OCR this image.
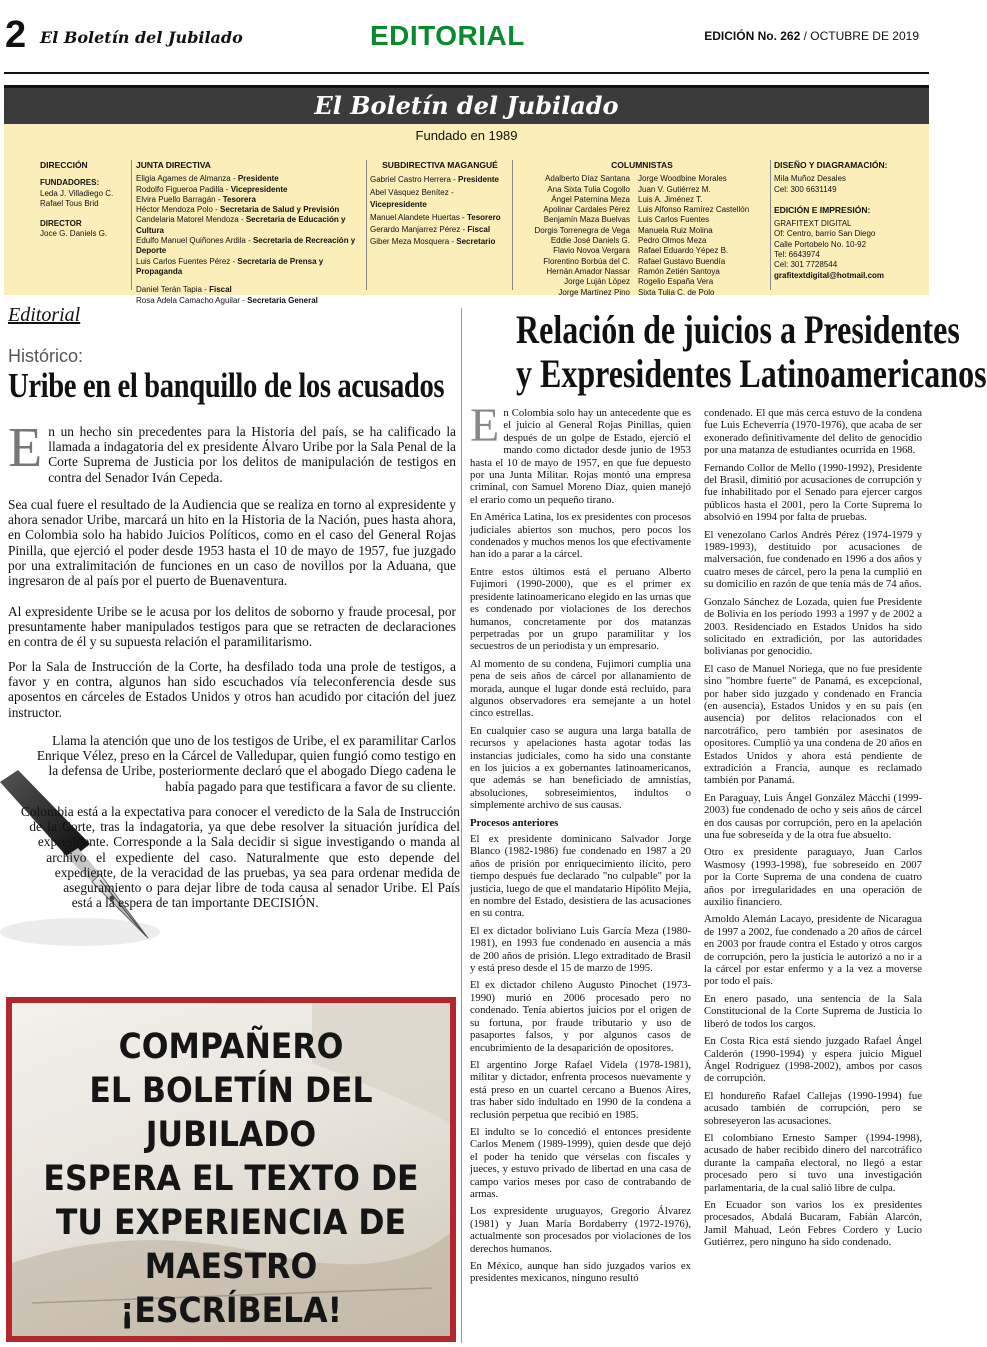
2 El Boletín del Jubilado	EDITORIAL	EDICIÓN No. 262 / OCTUBRE DE 2019
El Boletín del Jubilado
Fundado en 1989
DIRECCIÓN
FUNDADORES:
Leda J. Villadiego C.
Rafael Tous Brid
DIRECTOR
Joce G. Daniels G.
JUNTA DIRECTIVA
Eligia Agames de Almanza - Presidente
Rodolfo Figueroa Padilla - Vicepresidente
Elvira Puello Barragán - Tesorera
Héctor Mendoza Polo - Secretaria de Salud y Previsión
Candelaria Matorel Mendoza - Secretaria de Educación y Cultura
Edulfo Manuel Quiñones Ardila - Secretaria de Recreación y Deporte
Luis Carlos Fuentes Pérez - Secretaria de Prensa y Propaganda
Daniel Terán Tapia - Fiscal
Rosa Adela Camacho Aguilar - Secretaria General
SUBDIRECTIVA MAGANGUÉ
Gabriel Castro Herrera - Presidente
Abel Vásquez Benítez - Vicepresidente
Manuel Alandete Huertas - Tesorero
Gerardo Manjarrez Pérez - Fiscal
Giber Meza Mosquera - Secretario
COLUMNISTAS
Adalberto Díaz Santana
Ana Sixta Tulia Cogollo
Ángel Paternina Meza
Apolinar Cardales Pérez
Benjamín Maza Buelvas
Dorgis Torrenegra de Vega
Eddie José Daniels G.
Flavio Novoa Vergara
Florentino Borbúa del C.
Hernán Amador Nassar
Jorge Luján López
Jorge Martínez Pino
Jorge Woodbine Morales
Juan V. Gutiérrez M.
Luis A. Jiménez T.
Luis Alfonso Ramírez Castellón
Luis Carlos Fuentes
Manuela Ruiz Molina
Pedro Olmos Meza
Rafael Eduardo Yépez B.
Rafael Gustavo Buendía
Ramón Zetién Santoya
Rogelio España Vera
Sixta Tulia C. de Polo
DISEÑO Y DIAGRAMACIÓN:
Mila Muñoz Desales
Cel: 300 6631149
EDICIÓN E IMPRESIÓN:
GRAFITEXT DIGITAL
Of: Centro, barrio San Diego
Calle Portobelo No. 10-92
Tel: 6643974
Cel: 301 7728544
grafitextdigital@hotmail.com
Editorial
Histórico:
Uribe en el banquillo de los acusados
En un hecho sin precedentes para la Historia del país, se ha calificado la llamada a indagatoria del ex presidente Álvaro Uribe por la Sala Penal de la Corte Suprema de Justicia por los delitos de manipulación de testigos en contra del Senador Iván Cepeda.
Sea cual fuere el resultado de la Audiencia que se realiza en torno al expresidente y ahora senador Uribe, marcará un hito en la Historia de la Nación, pues hasta ahora, en Colombia solo ha habido Juicios Políticos, como en el caso del General Rojas Pinilla, que ejerció el poder desde 1953 hasta el 10 de mayo de 1957, fue juzgado por una extralimitación de funciones en un caso de novillos por la Aduana, que ingresaron de al país por el puerto de Buenaventura.
Al expresidente Uribe se le acusa por los delitos de soborno y fraude procesal, por presuntamente haber manipulados testigos para que se retracten de declaraciones en contra de él y su supuesta relación el paramilitarismo.
Por la Sala de Instrucción de la Corte, ha desfilado toda una prole de testigos, a favor y en contra, algunos han sido escuchados vía teleconferencia desde sus aposentos en cárceles de Estados Unidos y otros han acudido por citación del juez instructor.
Llama la atención que uno de los testigos de Uribe, el ex paramilitar Carlos Enrique Vélez, preso en la Cárcel de Valledupar, quien fungió como testigo en la defensa de Uribe, posteriormente declaró que el abogado Diego cadena le había pagado para que testificara a favor de su cliente.
Colombia está a la expectativa para conocer el veredicto de la Sala de Instrucción de la Corte, tras la indagatoria, ya que debe resolver la situación jurídica del expresidente. Corresponde a la Sala decidir si sigue investigando o manda al archivo el expediente del caso. Naturalmente que esto depende del expediente, de la veracidad de las pruebas, ya sea para ordenar medida de aseguramiento o para dejar libre de toda causa al senador Uribe. El País está a la espera de tan importante DECISIÓN.
COMPAÑERO
EL BOLETÍN DEL JUBILADO
ESPERA EL TEXTO DE
TU EXPERIENCIA DE
MAESTRO
¡ESCRÍBELA!
Relación de juicios a Presidentes
y Expresidentes Latinoamericanos

En Colombia solo hay un antecedente que es el juicio al General Rojas Pinillas, quien después de un golpe de Estado, ejerció el mando como dictador desde junio de 1953 hasta el 10 de mayo de 1957, en que fue depuesto por una Junta Militar. Rojas montó una empresa criminal, con Samuel Moreno Díaz, quien manejó el erario como un pequeño tirano.

En América Latina, los ex presidentes con procesos judiciales abiertos son muchos, pero pocos los condenados y muchos menos los que efectivamente han ido a parar a la cárcel.

Entre estos últimos está el peruano Alberto Fujimori (1990-2000), que es el primer ex presidente latinoamericano elegido en las urnas que es condenado por violaciones de los derechos humanos, concretamente por dos matanzas perpetradas por un grupo paramilitar y los secuestros de un periodista y un empresario.

Al momento de su condena, Fujimori cumplía una pena de seis años de cárcel por allanamiento de morada, aunque el lugar donde está recluido, para algunos observadores era semejante a un hotel cinco estrellas.

En cualquier caso se augura una larga batalla de recursos y apelaciones hasta agotar todas las instancias judiciales, como ha sido una constante en los juicios a ex gobernantes latinoamericanos, que además se han beneficiado de amnistías, absoluciones, sobreseimientos, indultos o simplemente archivo de sus causas.

Procesos anteriores

El ex presidente dominicano Salvador Jorge Blanco (1982-1986) fue condenado en 1987 a 20 años de prisión por enriquecimiento ilícito, pero tiempo después fue declarado "no culpable" por la justicia, luego de que el mandatario Hipólito Mejía, en nombre del Estado, desistiera de las acusaciones en su contra.

El ex dictador boliviano Luis García Meza (1980-1981), en 1993 fue condenado en ausencia a más de 200 años de prisión. Llego extraditado de Brasil y está preso desde el 15 de marzo de 1995.

El ex dictador chileno Augusto Pinochet (1973-1990) murió en 2006 procesado pero no condenado. Tenía abiertos juicios por el origen de su fortuna, por fraude tributario y uso de pasaportes falsos, y por algunos casos de encubrimiento de la desaparición de opositores.

El argentino Jorge Rafael Videla (1978-1981), militar y dictador, enfrenta procesos nuevamente y está preso en un cuartel cercano a Buenos Aires, tras haber sido indultado en 1990 de la condena a reclusión perpetua que recibió en 1985.

El indulto se lo concedió el entonces presidente Carlos Menem (1989-1999), quien desde que dejó el poder ha tenido que vérselas con fiscales y jueces, y estuvo privado de libertad en una casa de campo varios meses por caso de contrabando de armas.

Los expresidente uruguayos, Gregorio Álvarez (1981) y Juan María Bordaberry (1972-1976), actualmente son procesados por violaciones de los derechos humanos.

En México, aunque han sido juzgados varios ex presidentes mexicanos, ninguno resultó

condenado. El que más cerca estuvo de la condena fue Luis Echeverría (1970-1976), que acaba de ser exonerado definitivamente del delito de genocidio por una matanza de estudiantes ocurrida en 1968.

Fernando Collor de Mello (1990-1992), Presidente del Brasil, dimitió por acusaciones de corrupción y fue inhabilitado por el Senado para ejercer cargos públicos hasta el 2001, pero la Corte Suprema lo absolvió en 1994 por falta de pruebas.

El venezolano Carlos Andrés Pérez (1974-1979 y 1989-1993), destituido por acusaciones de malversación, fue condenado en 1996 a dos años y cuatro meses de cárcel, pero la pena la cumplió en su domicilio en razón de que tenía más de 74 años.

Gonzalo Sánchez de Lozada, quien fue Presidente de Bolivia en los período 1993 a 1997 y de 2002 a 2003. Residenciado en Estados Unidos ha sido solicitado en extradición, por las autoridades bolivianas por genocidio.

El caso de Manuel Noriega, que no fue presidente sino "hombre fuerte" de Panamá, es excepcional, por haber sido juzgado y condenado en Francia (en ausencia), Estados Unidos y en su país (en ausencia) por delitos relacionados con el narcotráfico, pero también por asesinatos de opositores. Cumplió ya una condena de 20 años en Estados Unidos y ahora está pendiente de extradición a Francia, aunque es reclamado también por Panamá.

En Paraguay, Luis Ángel González Mácchi (1999-2003) fue condenado de ocho y seis años de cárcel en dos causas por corrupción, pero en la apelación una fue sobreseída y de la otra fue absuelto.

Otro ex presidente paraguayo, Juan Carlos Wasmosy (1993-1998), fue sobreseído en 2007 por la Corte Suprema de una condena de cuatro años por irregularidades en una operación de auxilio financiero.

Arnoldo Alemán Lacayo, presidente de Nicaragua de 1997 a 2002, fue condenado a 20 años de cárcel en 2003 por fraude contra el Estado y otros cargos de corrupción, pero la justicia le autorizó a no ir a la cárcel por estar enfermo y a la vez a moverse por todo el país.

En enero pasado, una sentencia de la Sala Constitucional de la Corte Suprema de Justicia lo liberó de todos los cargos.

En Costa Rica está siendo juzgado Rafael Ángel Calderón (1990-1994) y espera juicio Miguel Ángel Rodríguez (1998-2002), ambos por casos de corrupción.

El hondureño Rafael Callejas (1990-1994) fue acusado también de corrupción, pero se sobreseyeron las acusaciones.

El colombiano Ernesto Samper (1994-1998), acusado de haber recibido dinero del narcotráfico durante la campaña electoral, no llegó a estar procesado pero sí tuvo una investigación parlamentaria, de la cual salió libre de culpa.

En Ecuador son varios los ex presidentes procesados, Abdalá Bucaram, Fabián Alarcón, Jamil Mahuad, León Febres Cordero y Lucio Gutiérrez, pero ninguno ha sido condenado.
